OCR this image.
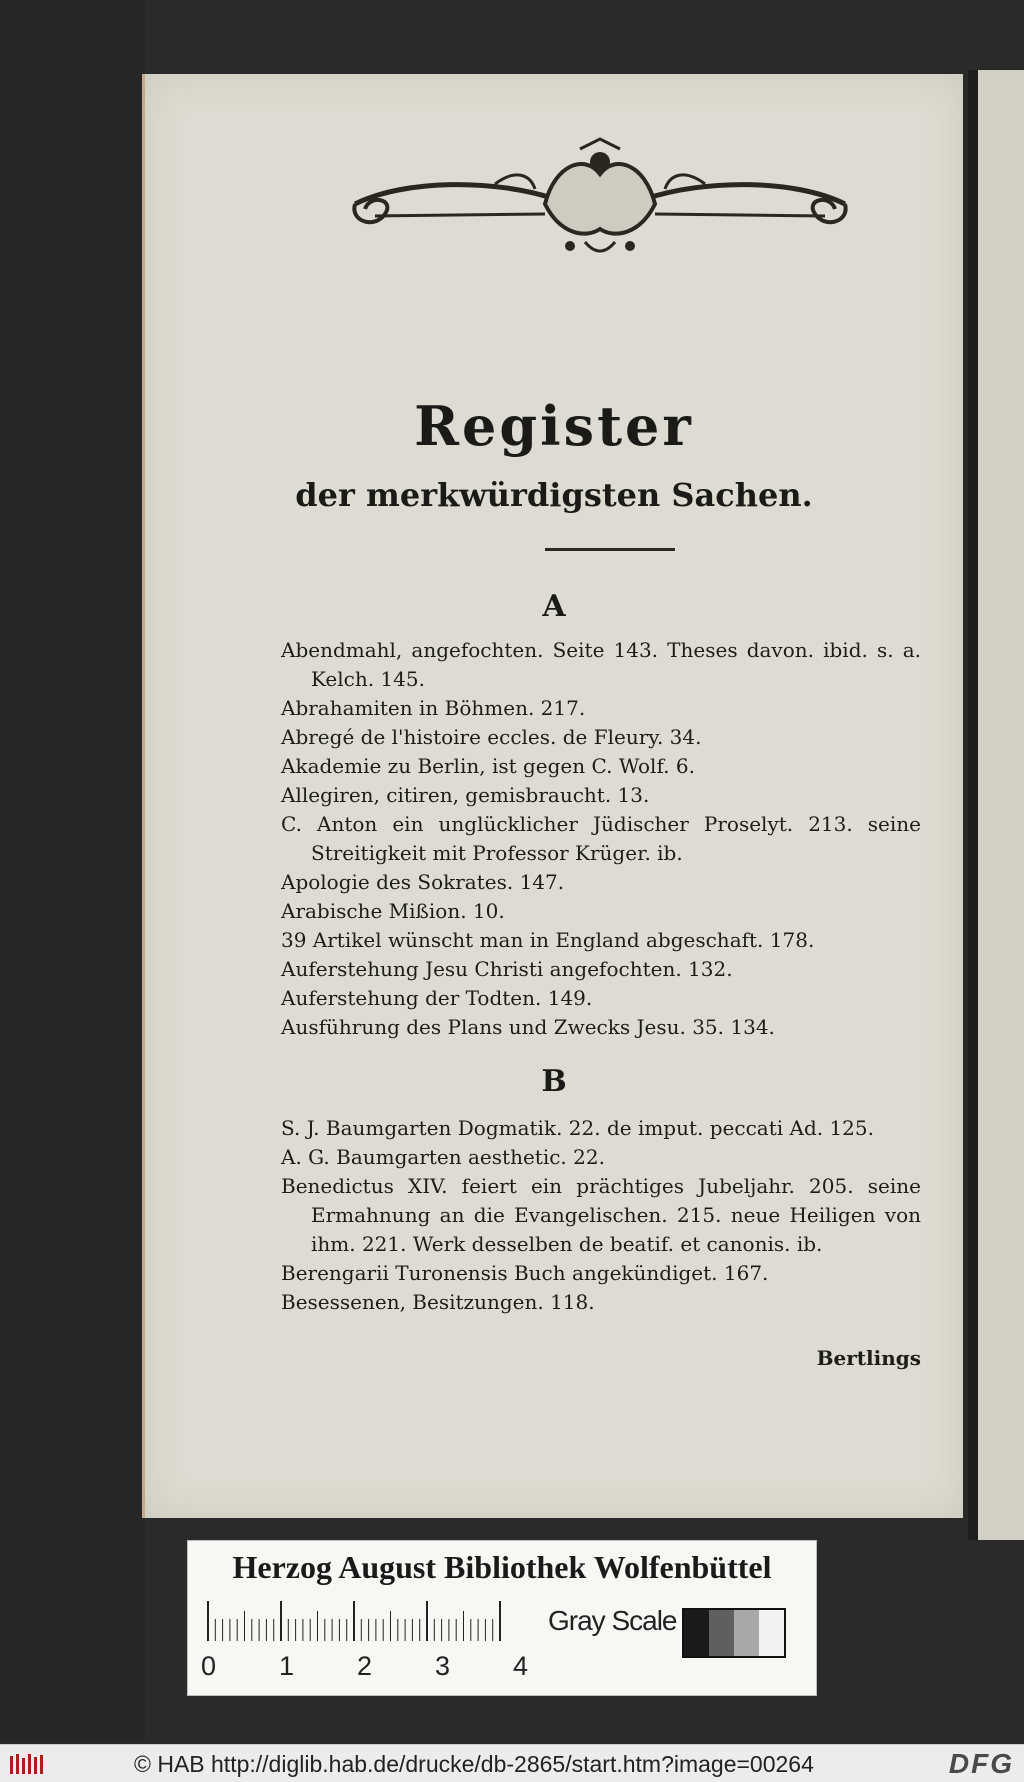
Register
der merkwürdigsten Sachen.
A

Abendmahl, angefochten. Seite 143. Theses davon. ibid. s. a. Kelch. 145.

Abrahamiten in Böhmen. 217.

Abregé de l'histoire eccles. de Fleury. 34.

Akademie zu Berlin, ist gegen C. Wolf. 6.

Allegiren, citiren, gemisbraucht. 13.

C. Anton ein unglücklicher Jüdischer Proselyt. 213. seine Streitigkeit mit Professor Krüger. ib.

Apologie des Sokrates. 147.

Arabische Mißion. 10.

39 Artikel wünscht man in England abgeschaft. 178.

Auferstehung Jesu Christi angefochten. 132.

Auferstehung der Todten. 149.

Ausführung des Plans und Zwecks Jesu. 35. 134.

B

S. J. Baumgarten Dogmatik. 22. de imput. peccati Ad. 125.

A. G. Baumgarten aesthetic. 22.

Benedictus XIV. feiert ein prächtiges Jubeljahr. 205. seine Ermahnung an die Evangelischen. 215. neue Heiligen von ihm. 221. Werk desselben de beatif. et canonis. ib.

Berengarii Turonensis Buch angekündiget. 167.

Besessenen, Besitzungen. 118.

Bertlings
Herzog August Bibliothek Wolfenbüttel
Gray Scale
0 1 2 3 4
© HAB http://diglib.hab.de/drucke/db-2865/start.htm?image=00264	DFG
